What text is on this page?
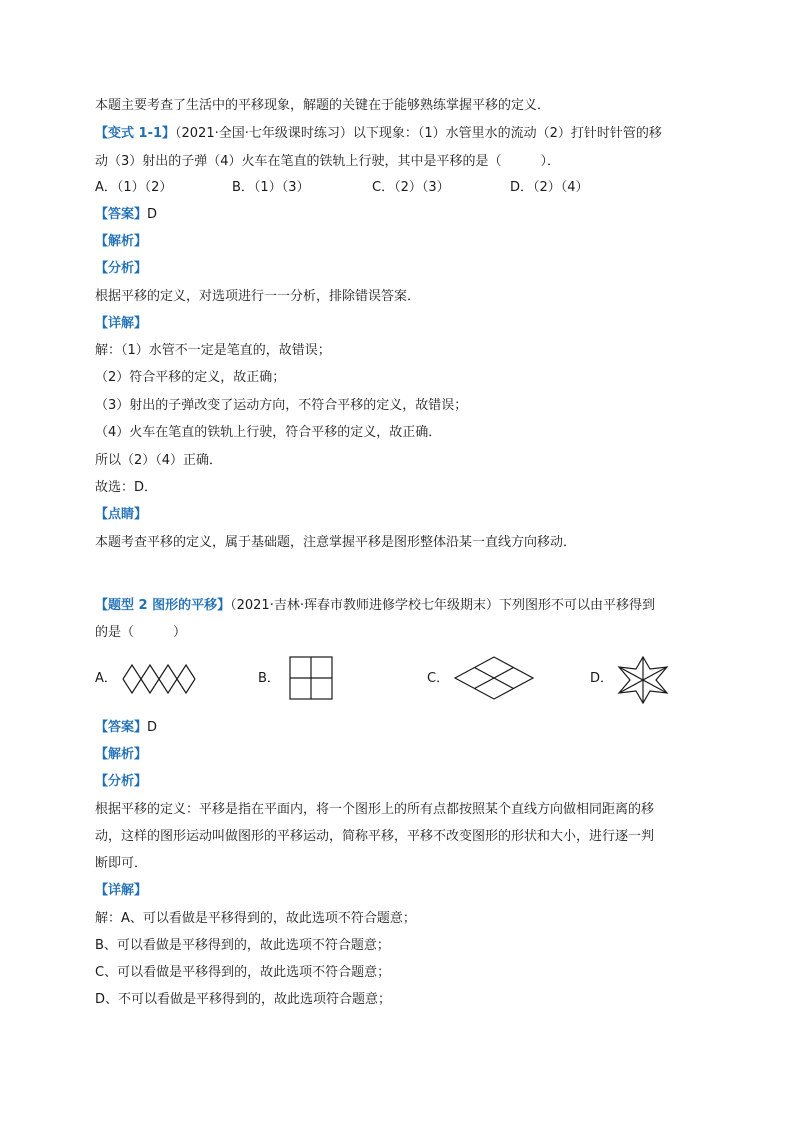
本题主要考查了生活中的平移现象，解题的关键在于能够熟练掌握平移的定义．
【变式 1-1】（2021·全国·七年级课时练习）以下现象：（1）水管里水的流动（2）打针时针管的移
动（3）射出的子弹（4）火车在笔直的铁轨上行驶，其中是平移的是（　　　）．
A．（1）（2）	B．（1）（3）	C．（2）（3）	D．（2）（4）
【答案】D
【解析】
【分析】
根据平移的定义，对选项进行一一分析，排除错误答案．
【详解】
解：（1）水管不一定是笔直的，故错误；
（2）符合平移的定义，故正确；
（3）射出的子弹改变了运动方向，不符合平移的定义，故错误；
（4）火车在笔直的铁轨上行驶，符合平移的定义，故正确．
所以（2）（4）正确．
故选：D．
【点睛】
本题考查平移的定义，属于基础题，注意掌握平移是图形整体沿某一直线方向移动．
【题型 2 图形的平移】（2021·吉林·珲春市教师进修学校七年级期末）下列图形不可以由平移得到
的是（　　　）
A．	B．	C．	D．
【答案】D
【解析】
【分析】
根据平移的定义：平移是指在平面内，将一个图形上的所有点都按照某个直线方向做相同距离的移
动，这样的图形运动叫做图形的平移运动，简称平移，平移不改变图形的形状和大小，进行逐一判
断即可．
【详解】
解：A、可以看做是平移得到的，故此选项不符合题意；
B、可以看做是平移得到的，故此选项不符合题意；
C、可以看做是平移得到的，故此选项不符合题意；
D、不可以看做是平移得到的，故此选项符合题意；
